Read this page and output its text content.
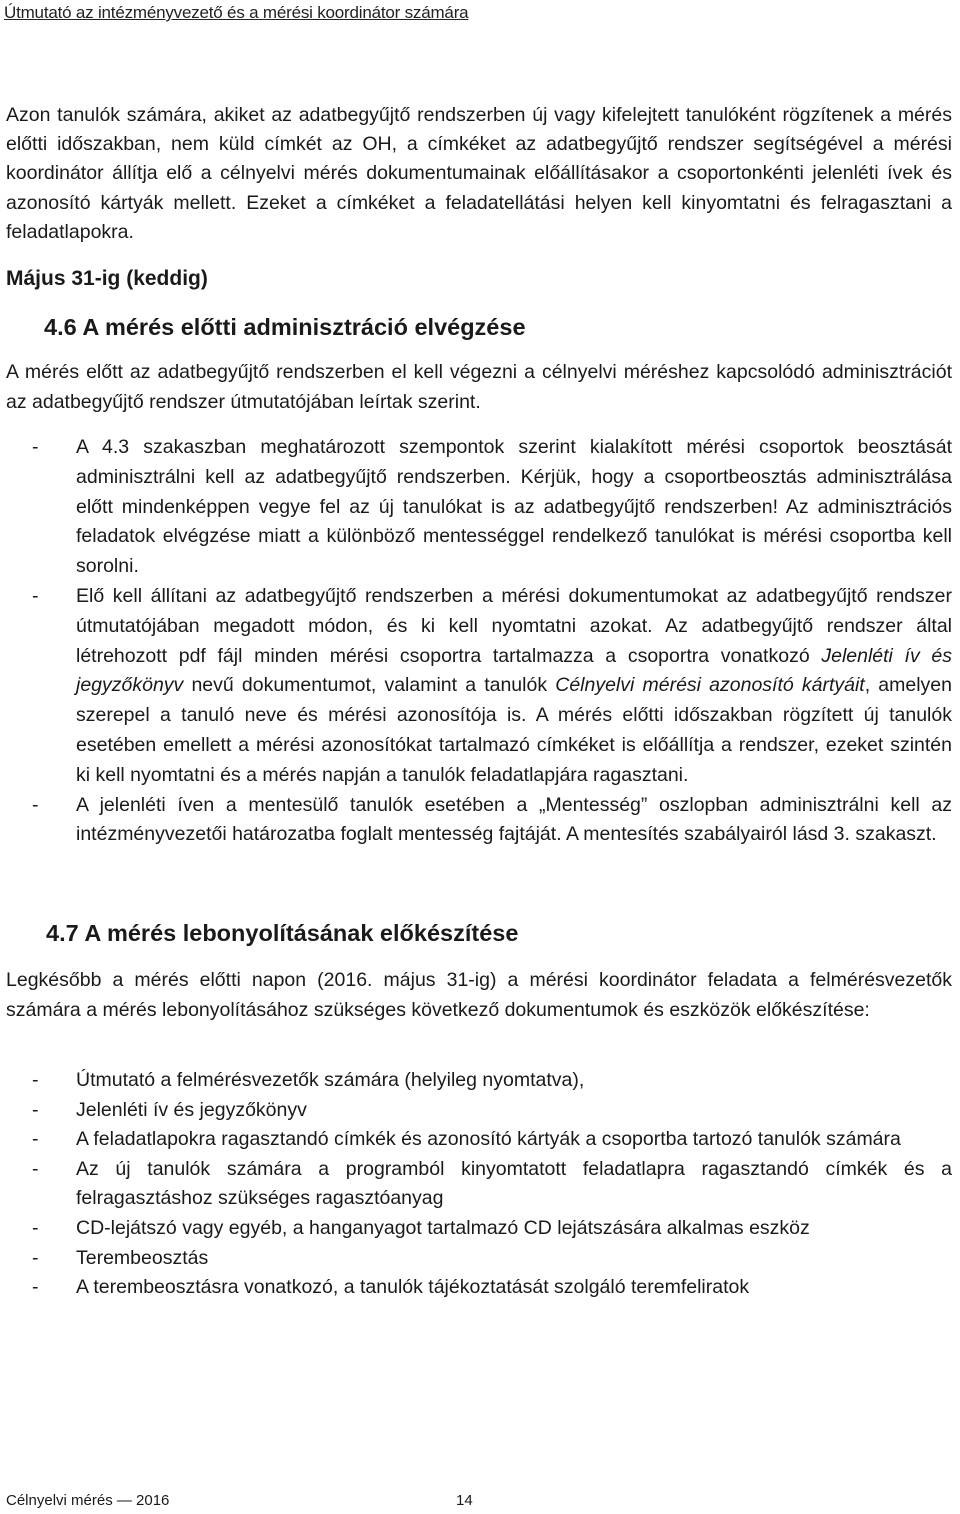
Útmutató az intézményvezető és a mérési koordinátor számára

Azon tanulók számára, akiket az adatbegyűjtő rendszerben új vagy kifelejtett tanulóként rögzítenek a mérés előtti időszakban, nem küld címkét az OH, a címkéket az adatbegyűjtő rendszer segítségével a mérési koordinátor állítja elő a célnyelvi mérés dokumentumainak előállításakor a csoportonkénti jelenléti ívek és azonosító kártyák mellett. Ezeket a címkéket a feladatellátási helyen kell kinyomtatni és felragasztani a feladatlapokra.

Május 31-ig (keddig)
4.6 A mérés előtti adminisztráció elvégzése

A mérés előtt az adatbegyűjtő rendszerben el kell végezni a célnyelvi méréshez kapcsolódó adminisztrációt az adatbegyűjtő rendszer útmutatójában leírtak szerint.

- A 4.3 szakaszban meghatározott szempontok szerint kialakított mérési csoportok beosztását adminisztrálni kell az adatbegyűjtő rendszerben. Kérjük, hogy a csoportbeosztás adminisztrálása előtt mindenképpen vegye fel az új tanulókat is az adatbegyűjtő rendszerben! Az adminisztrációs feladatok elvégzése miatt a különböző mentességgel rendelkező tanulókat is mérési csoportba kell sorolni.
- Elő kell állítani az adatbegyűjtő rendszerben a mérési dokumentumokat az adatbegyűjtő rendszer útmutatójában megadott módon, és ki kell nyomtatni azokat. Az adatbegyűjtő rendszer által létrehozott pdf fájl minden mérési csoportra tartalmazza a csoportra vonatkozó Jelenléti ív és jegyzőkönyv nevű dokumentumot, valamint a tanulók Célnyelvi mérési azonosító kártyáit, amelyen szerepel a tanuló neve és mérési azonosítója is. A mérés előtti időszakban rögzített új tanulók esetében emellett a mérési azonosítókat tartalmazó címkéket is előállítja a rendszer, ezeket szintén ki kell nyomtatni és a mérés napján a tanulók feladatlapjára ragasztani.
- A jelenléti íven a mentesülő tanulók esetében a „Mentesség” oszlopban adminisztrálni kell az intézményvezetői határozatba foglalt mentesség fajtáját. A mentesítés szabályairól lásd 3. szakaszt.
4.7 A mérés lebonyolításának előkészítése

Legkésőbb a mérés előtti napon (2016. május 31-ig) a mérési koordinátor feladata a felmérésvezetők számára a mérés lebonyolításához szükséges következő dokumentumok és eszközök előkészítése:

- Útmutató a felmérésvezetők számára (helyileg nyomtatva),
- Jelenléti ív és jegyzőkönyv
- A feladatlapokra ragasztandó címkék és azonosító kártyák a csoportba tartozó tanulók számára
- Az új tanulók számára a programból kinyomtatott feladatlapra ragasztandó címkék és a felragasztáshoz szükséges ragasztóanyag
- CD-lejátszó vagy egyéb, a hanganyagot tartalmazó CD lejátszására alkalmas eszköz
- Terembeosztás
- A terembeosztásra vonatkozó, a tanulók tájékoztatását szolgáló teremfeliratok
Célnyelvi mérés — 2016	14
